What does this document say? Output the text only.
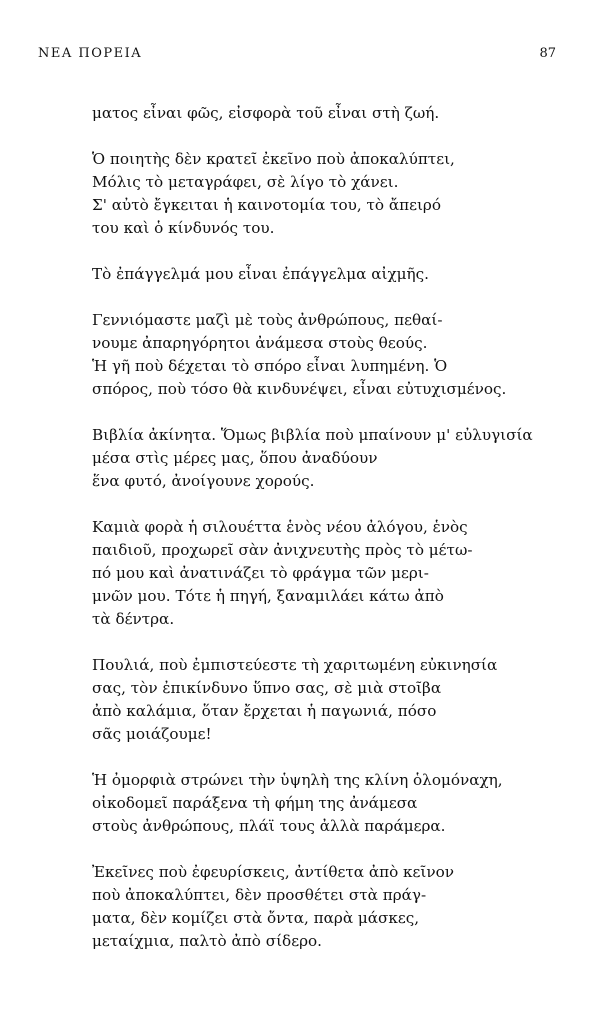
ΝΕΑ ΠΟΡΕΙΑ	87
ματος εἶναι φῶς, εἰσφορὰ τοῦ εἶναι στὴ ζωή.
Ὁ ποιητὴς δὲν κρατεῖ ἐκεῖνο ποὺ ἀποκαλύπτει,
Μόλις τὸ μεταγράφει, σὲ λίγο τὸ χάνει.
Σ' αὐτὸ ἔγκειται ἡ καινοτομία του, τὸ ἄπειρό
του καὶ ὁ κίνδυνός του.
Τὸ ἐπάγγελμά μου εἶναι ἐπάγγελμα αἰχμῆς.
Γεννιόμαστε μαζὶ μὲ τοὺς ἀνθρώπους, πεθαί-
νουμε ἀπαρηγόρητοι ἀνάμεσα στοὺς θεούς.
Ἡ γῆ ποὺ δέχεται τὸ σπόρο εἶναι λυπημένη. Ὁ
σπόρος, ποὺ τόσο θὰ κινδυνέψει, εἶναι εὐτυχισμένος.
Βιβλία ἀκίνητα. Ὅμως βιβλία ποὺ μπαίνουν μ' εὐλυγισία
μέσα στὶς μέρες μας, ὅπου ἀναδύουν
ἕνα φυτό, ἀνοίγουνε χορούς.
Καμιὰ φορὰ ἡ σιλουέττα ἑνὸς νέου ἀλόγου, ἑνὸς
παιδιοῦ, προχωρεῖ σὰν ἀνιχνευτὴς πρὸς τὸ μέτω-
πό μου καὶ ἀνατινάζει τὸ φράγμα τῶν μερι-
μνῶν μου. Τότε ἡ πηγή, ξαναμιλάει κάτω ἀπὸ
τὰ δέντρα.
Πουλιά, ποὺ ἐμπιστεύεστε τὴ χαριτωμένη εὐκινησία
σας, τὸν ἐπικίνδυνο ὕπνο σας, σὲ μιὰ στοῖβα
ἀπὸ καλάμια, ὅταν ἔρχεται ἡ παγωνιά, πόσο
σᾶς μοιάζουμε!
Ἡ ὀμορφιὰ στρώνει τὴν ὑψηλὴ της κλίνη ὁλομόναχη,
οἰκοδομεῖ παράξενα τὴ φήμη της ἀνάμεσα
στοὺς ἀνθρώπους, πλάϊ τους ἀλλὰ παράμερα.
Ἐκεῖνες ποὺ ἐφευρίσκεις, ἀντίθετα ἀπὸ κεῖνον
ποὺ ἀποκαλύπτει, δὲν προσθέτει στὰ πράγ-
ματα, δὲν κομίζει στὰ ὄντα, παρὰ μάσκες,
μεταίχμια, παλτὸ ἀπὸ σίδερο.
